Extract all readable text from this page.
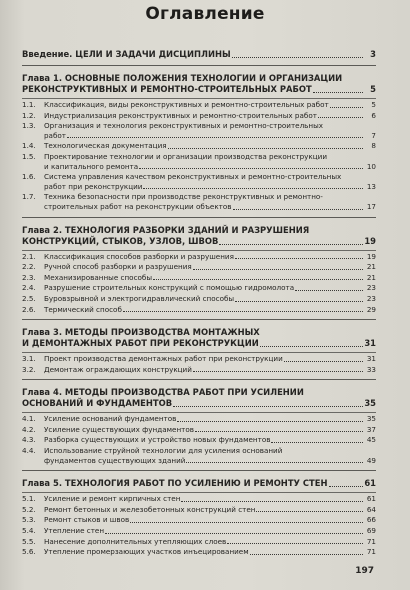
Оглавление
Введение. ЦЕЛИ И ЗАДАЧИ ДИСЦИПЛИНЫ	3
Глава 1. ОСНОВНЫЕ ПОЛОЖЕНИЯ ТЕХНОЛОГИИ И ОРГАНИЗАЦИИ
РЕКОНСТРУКТИВНЫХ И РЕМОНТНО-СТРОИТЕЛЬНЫХ РАБОТ	5
1.1.	Классификация, виды реконструктивных и ремонтно-строительных работ	5
1.2.	Индустриализация реконструктивных и ремонтно-строительных работ	6
1.3.	Организация и технология реконструктивных и ремонтно-строительных
работ	7
1.4.	Технологическая документация	8
1.5.	Проектирование технологии и организации производства реконструкции
и капитального ремонта	10
1.6.	Система управления качеством реконструктивных и ремонтно-строительных
работ при реконструкции	13
1.7.	Техника безопасности при производстве реконструктивных и ремонтно-
строительных работ на реконструкции объектов	17
Глава 2. ТЕХНОЛОГИЯ РАЗБОРКИ ЗДАНИЙ И РАЗРУШЕНИЯ
КОНСТРУКЦИЙ, СТЫКОВ, УЗЛОВ, ШВОВ	19
2.1.	Классификация способов разборки и разрушения	19
2.2.	Ручной способ разборки и разрушения	21
2.3.	Механизированные способы	21
2.4.	Разрушение строительных конструкций с помощью гидромолота	23
2.5.	Буровзрывной и электрогидравлический способы	23
2.6.	Термический способ	29
Глава 3. МЕТОДЫ ПРОИЗВОДСТВА МОНТАЖНЫХ
И ДЕМОНТАЖНЫХ РАБОТ ПРИ РЕКОНСТРУКЦИИ	31
3.1.	Проект производства демонтажных работ при реконструкции	31
3.2.	Демонтаж ограждающих конструкций	33
Глава 4. МЕТОДЫ ПРОИЗВОДСТВА РАБОТ ПРИ УСИЛЕНИИ
ОСНОВАНИЙ И ФУНДАМЕНТОВ	35
4.1.	Усиление оснований фундаментов	35
4.2.	Усиление существующих фундаментов	37
4.3.	Разборка существующих и устройство новых фундаментов	45
4.4.	Использование струйной технологии для усиления оснований
фундаментов существующих зданий	49
Глава 5. ТЕХНОЛОГИЯ РАБОТ ПО УСИЛЕНИЮ И РЕМОНТУ СТЕН	61
5.1.	Усиление и ремонт кирпичных стен	61
5.2.	Ремонт бетонных и железобетонных конструкций стен	64
5.3.	Ремонт стыков и швов	66
5.4.	Утепление стен	69
5.5.	Нанесение дополнительных утепляющих слоев	71
5.6.	Утепление промерзающих участков инъецированием	71
197
